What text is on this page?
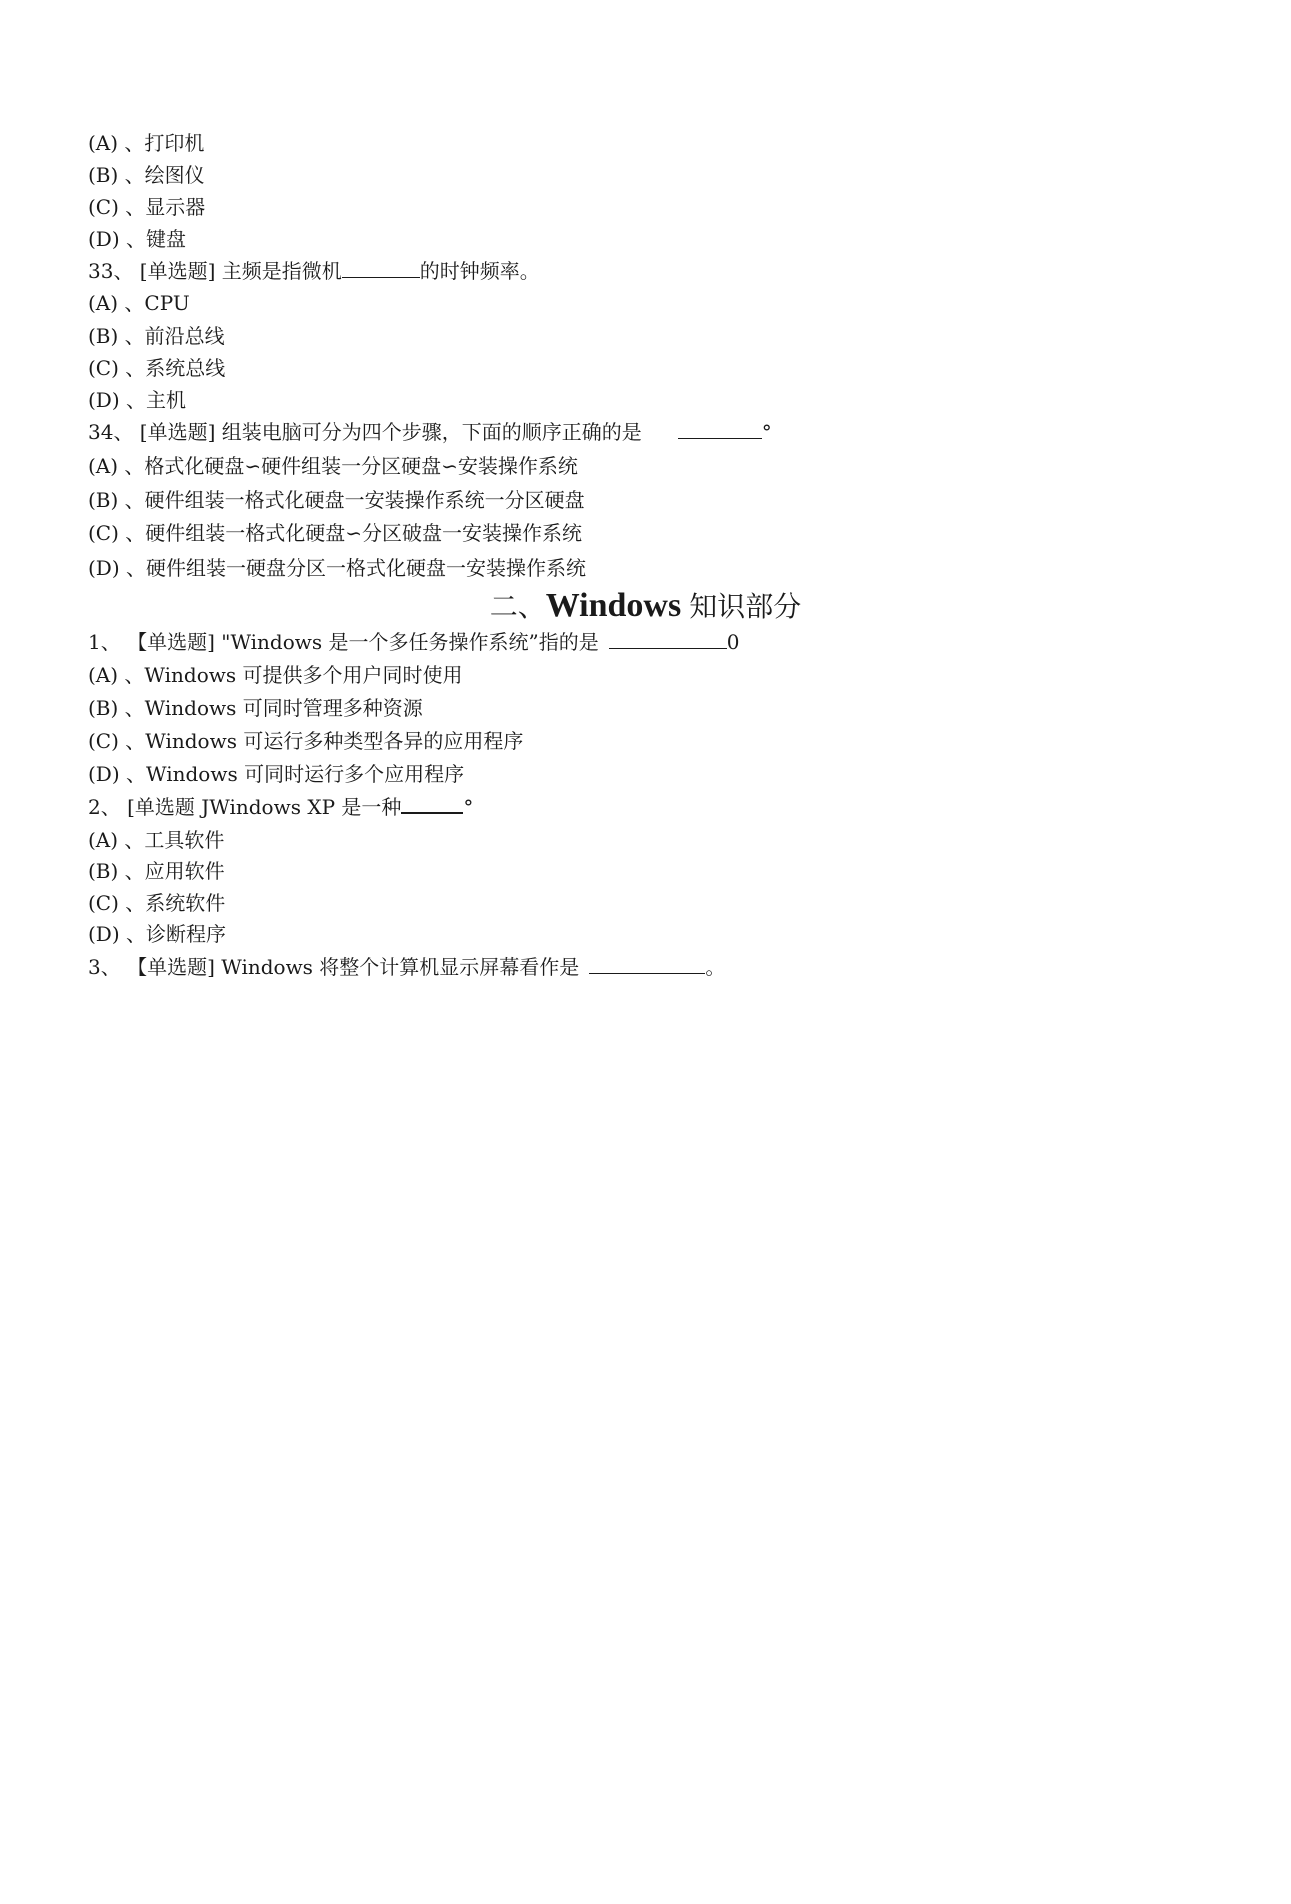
(A) 、打印机
(B) 、绘图仪
(C) 、显示器
(D) 、键盘
33、 [单选题] 主频是指微机	的时钟频率。
(A) 、CPU
(B) 、前沿总线
(C) 、系统总线
(D) 、主机
34、 [单选题] 组装电脑可分为四个步骤，下面的顺序正确的是	°
(A) 、格式化硬盘∽硬件组装一分区硬盘∽安装操作系统
(B) 、硬件组装一格式化硬盘一安装操作系统一分区硬盘
(C) 、硬件组装一格式化硬盘∽分区破盘一安装操作系统
(D) 、硬件组装一硬盘分区一格式化硬盘一安装操作系统
二、Windows 知识部分
1、 【单选题] "Windows 是一个多任务操作系统”指的是	0
(A) 、Windows 可提供多个用户同时使用
(B) 、Windows 可同时管理多种资源
(C) 、Windows 可运行多种类型各异的应用程序
(D) 、Windows 可同时运行多个应用程序
2、 [单选题 JWindows XP 是一种	°
(A) 、工具软件
(B) 、应用软件
(C) 、系统软件
(D) 、诊断程序
3、 【单选题] Windows 将整个计算机显示屏幕看作是	。
